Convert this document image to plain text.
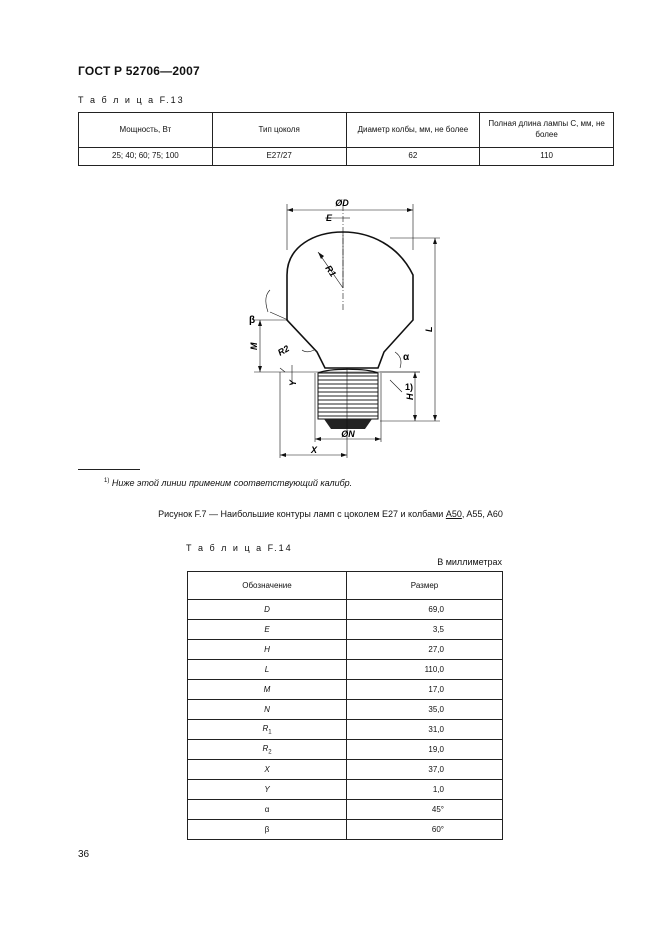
ГОСТ Р 52706—2007
Т а б л и ц а F.13
Мощность, Вт	Тип цоколя	Диаметр колбы, мм, не более	Полная длина лампы С, мм, не более
25; 40; 60; 75; 100	E27/27	62	110
ØD
E
R1
β
M R2	α
Y	1)
H
L
ØN
X
$^{1)}$ Ниже этой линии применим соответствующий калибр.
Рисунок F.7 — Наибольшие контуры ламп с цоколем E27 и колбами A50, A55, A60
Т а б л и ц а F.14
В миллиметрах
Обозначение	Размер
D	69,0
E	3,5
H	27,0
L	110,0
M	17,0
N	35,0
$R_1$	31,0
$R_2$	19,0
X	37,0
Y	1,0
α	45°
β	60°
36
